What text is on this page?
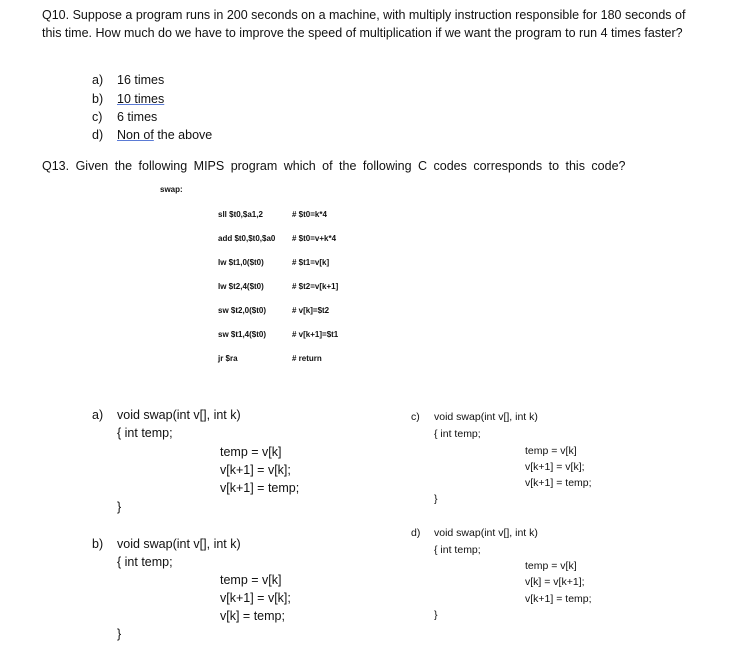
Q10. Suppose a program runs in 200 seconds on a machine, with multiply instruction responsible for 180 seconds of this time. How much do we have to improve the speed of multiplication if we want the program to run 4 times faster?
a) 16 times
b) 10 times
c) 6 times
d) Non of the above
Q13. Given the following MIPS program which of the following C codes corresponds to this code?
swap:
sll $t0,$a1,2	# $t0=k*4
add $t0,$t0,$a0 # $t0=v+k*4
lw $t1,0($t0)	# $t1=v[k]
lw $t2,4($t0)	# $t2=v[k+1]
sw $t2,0($t0)	# v[k]=$t2
sw $t1,4($t0)	# v[k+1]=$t1
jr $ra	# return
a) void swap(int v[], int k)
{ int temp;
temp = v[k]
v[k+1] = v[k];
v[k+1] = temp;
}
b) void swap(int v[], int k)
{ int temp;
temp = v[k]
v[k+1] = v[k];
v[k] = temp;
}
c) void swap(int v[], int k)
{ int temp;
temp = v[k]
v[k+1] = v[k];
v[k+1] = temp;
}
d) void swap(int v[], int k)
{ int temp;
temp = v[k]
v[k] = v[k+1];
v[k+1] = temp;
}
